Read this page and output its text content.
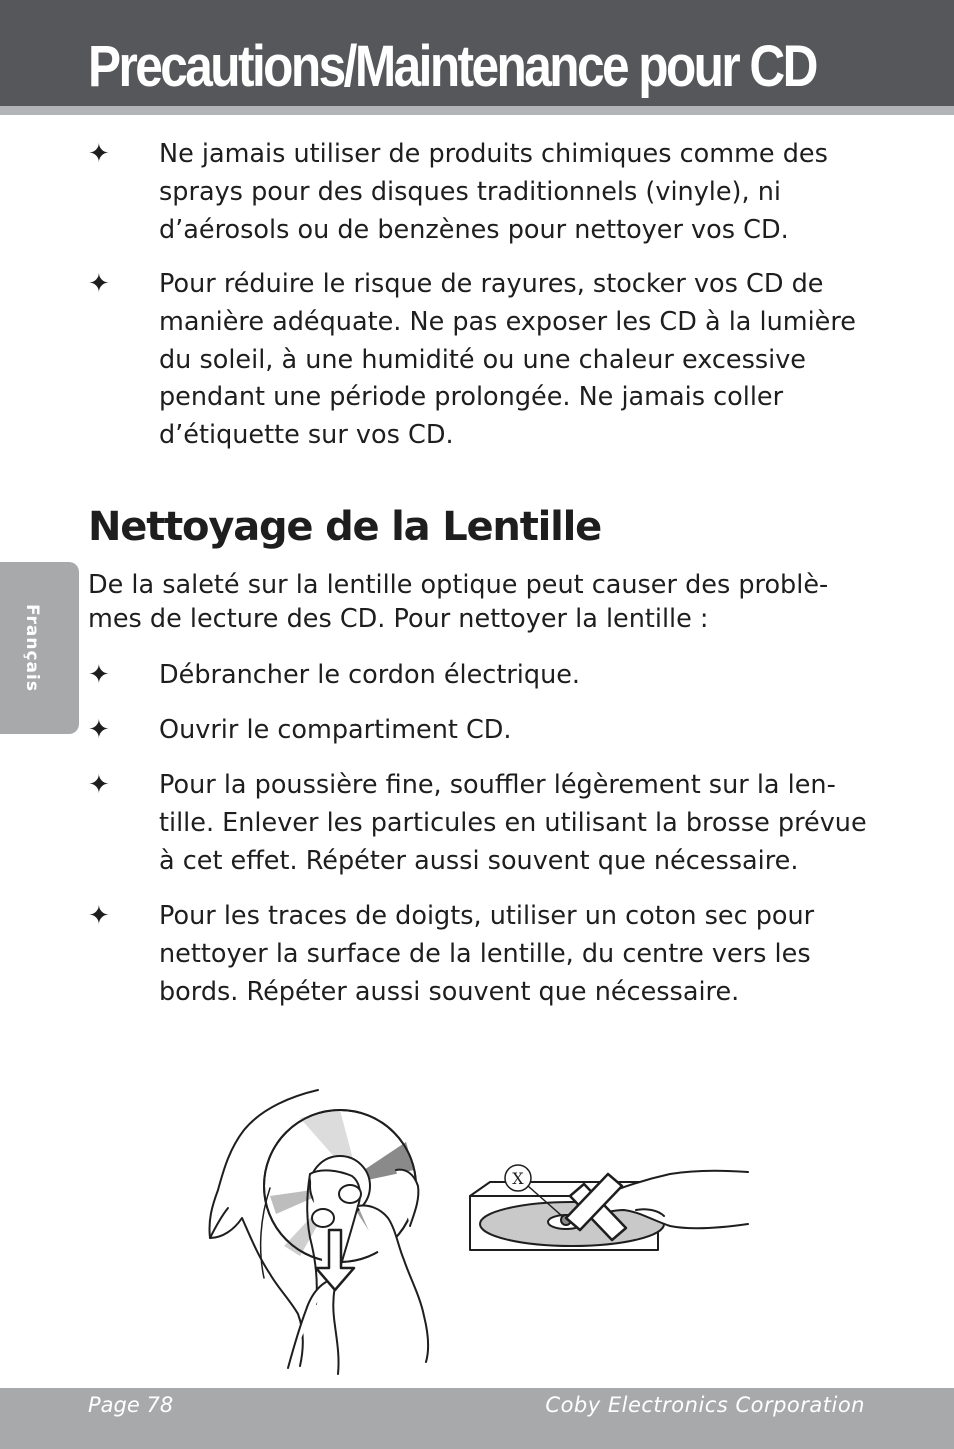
Precautions/Maintenance pour CD
✦ Ne jamais utiliser de produits chimiques comme des sprays pour des disques traditionnels (vinyle), ni d’aérosols ou de benzènes pour nettoyer vos CD.

✦ Pour réduire le risque de rayures, stocker vos CD de manière adéquate. Ne pas exposer les CD à la lumière du soleil, à une humidité ou une chaleur excessive pendant une période prolongée. Ne jamais coller d’étiquette sur vos CD.

Nettoyage de la Lentille

De la saleté sur la lentille optique peut causer des problè-mes de lecture des CD. Pour nettoyer la lentille :

✦ Débrancher le cordon électrique.

✦ Ouvrir le compartiment CD.

✦ Pour la poussière fine, souffler légèrement sur la len-tille. Enlever les particules en utilisant la brosse prévue à cet effet. Répéter aussi souvent que nécessaire.

✦ Pour les traces de doigts, utiliser un coton sec pour nettoyer la surface de la lentille, du centre vers les bords. Répéter aussi souvent que nécessaire.

Français
X
Page 78	Coby Electronics Corporation
